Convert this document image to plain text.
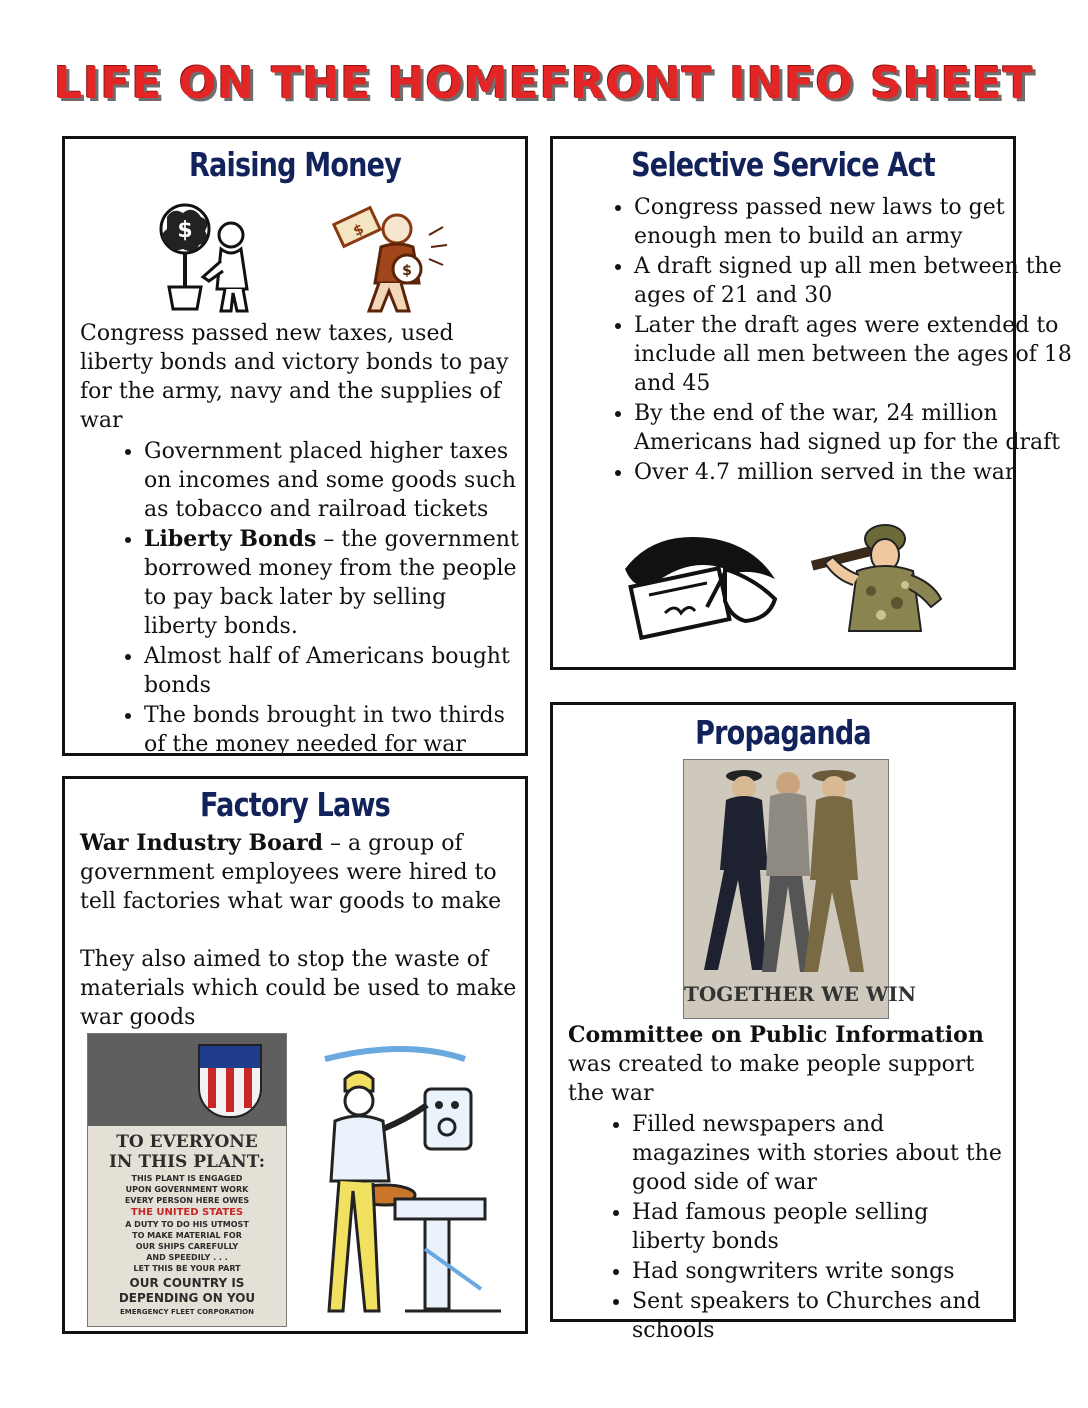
LIFE ON THE HOMEFRONT INFO SHEET
Raising Money
$	$
$

Congress passed new taxes, used liberty bonds and victory bonds to pay for the army, navy and the supplies of war

• Government placed higher taxes on incomes and some goods such as tobacco and railroad tickets
• Liberty Bonds – the government borrowed money from the people to pay back later by selling liberty bonds.
• Almost half of Americans bought bonds
• The bonds brought in two thirds of the money needed for war
Selective Service Act
• Congress passed new laws to get enough men to build an army
• A draft signed up all men between the ages of 21 and 30
• Later the draft ages were extended to include all men between the ages of 18 and 45
• By the end of the war, 24 million Americans had signed up for the draft
• Over 4.7 million served in the war
Factory Laws

War Industry Board – a group of government employees were hired to tell factories what war goods to make

They also aimed to stop the waste of materials which could be used to make war goods

TO EVERYONE
IN THIS PLANT:
THIS PLANT IS ENGAGED
UPON GOVERNMENT WORK
EVERY PERSON HERE OWES
THE UNITED STATES
A DUTY TO DO HIS UTMOST
TO MAKE MATERIAL FOR
OUR SHIPS CAREFULLY
AND SPEEDILY . . .
LET THIS BE YOUR PART
OUR COUNTRY IS
DEPENDING ON YOU
EMERGENCY FLEET CORPORATION
Propaganda
TOGETHER WE WIN

Committee on Public Information was created to make people support the war

• Filled newspapers and magazines with stories about the good side of war
• Had famous people selling liberty bonds
• Had songwriters write songs
• Sent speakers to Churches and schools
